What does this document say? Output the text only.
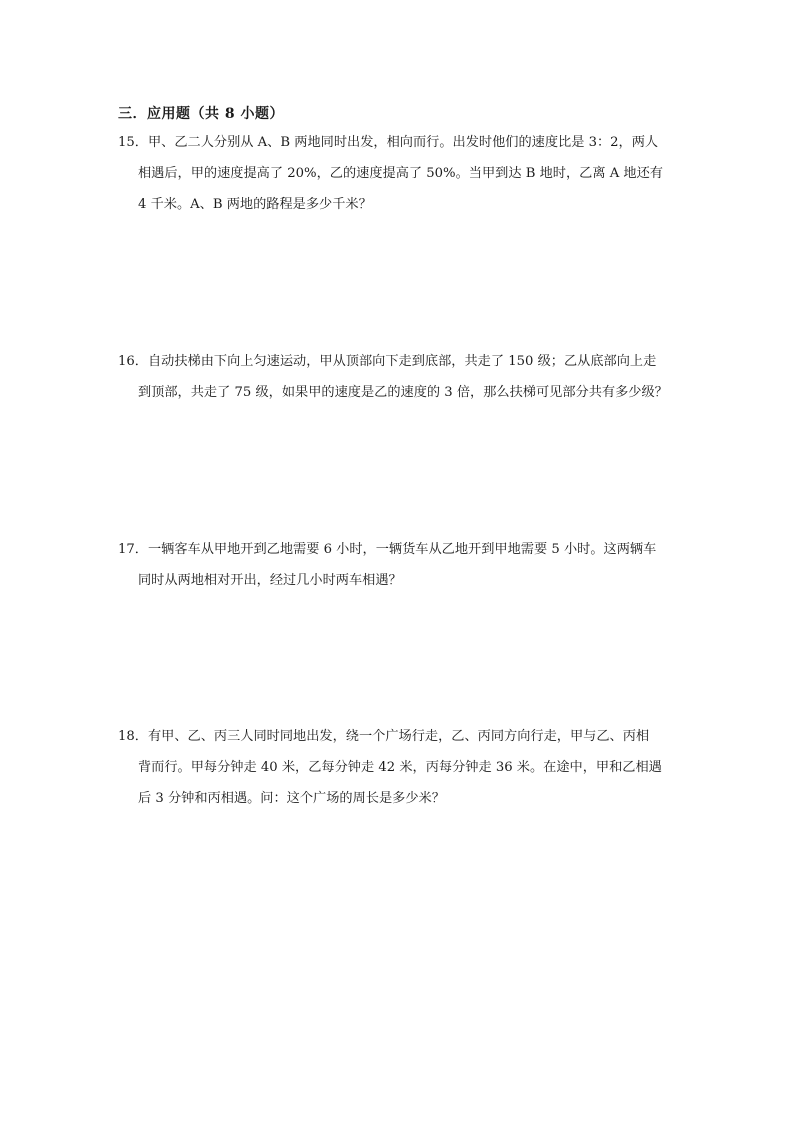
三．应用题（共 8 小题）
15．甲、乙二人分别从 A、B 两地同时出发，相向而行。出发时他们的速度比是 3：2，两人
相遇后，甲的速度提高了 20%，乙的速度提高了 50%。当甲到达 B 地时，乙离 A 地还有
4 千米。A、B 两地的路程是多少千米？
16．自动扶梯由下向上匀速运动，甲从顶部向下走到底部，共走了 150 级；乙从底部向上走
到顶部，共走了 75 级，如果甲的速度是乙的速度的 3 倍，那么扶梯可见部分共有多少级？
17．一辆客车从甲地开到乙地需要 6 小时，一辆货车从乙地开到甲地需要 5 小时。这两辆车
同时从两地相对开出，经过几小时两车相遇？
18．有甲、乙、丙三人同时同地出发，绕一个广场行走，乙、丙同方向行走，甲与乙、丙相
背而行。甲每分钟走 40 米，乙每分钟走 42 米，丙每分钟走 36 米。在途中，甲和乙相遇
后 3 分钟和丙相遇。问：这个广场的周长是多少米？
